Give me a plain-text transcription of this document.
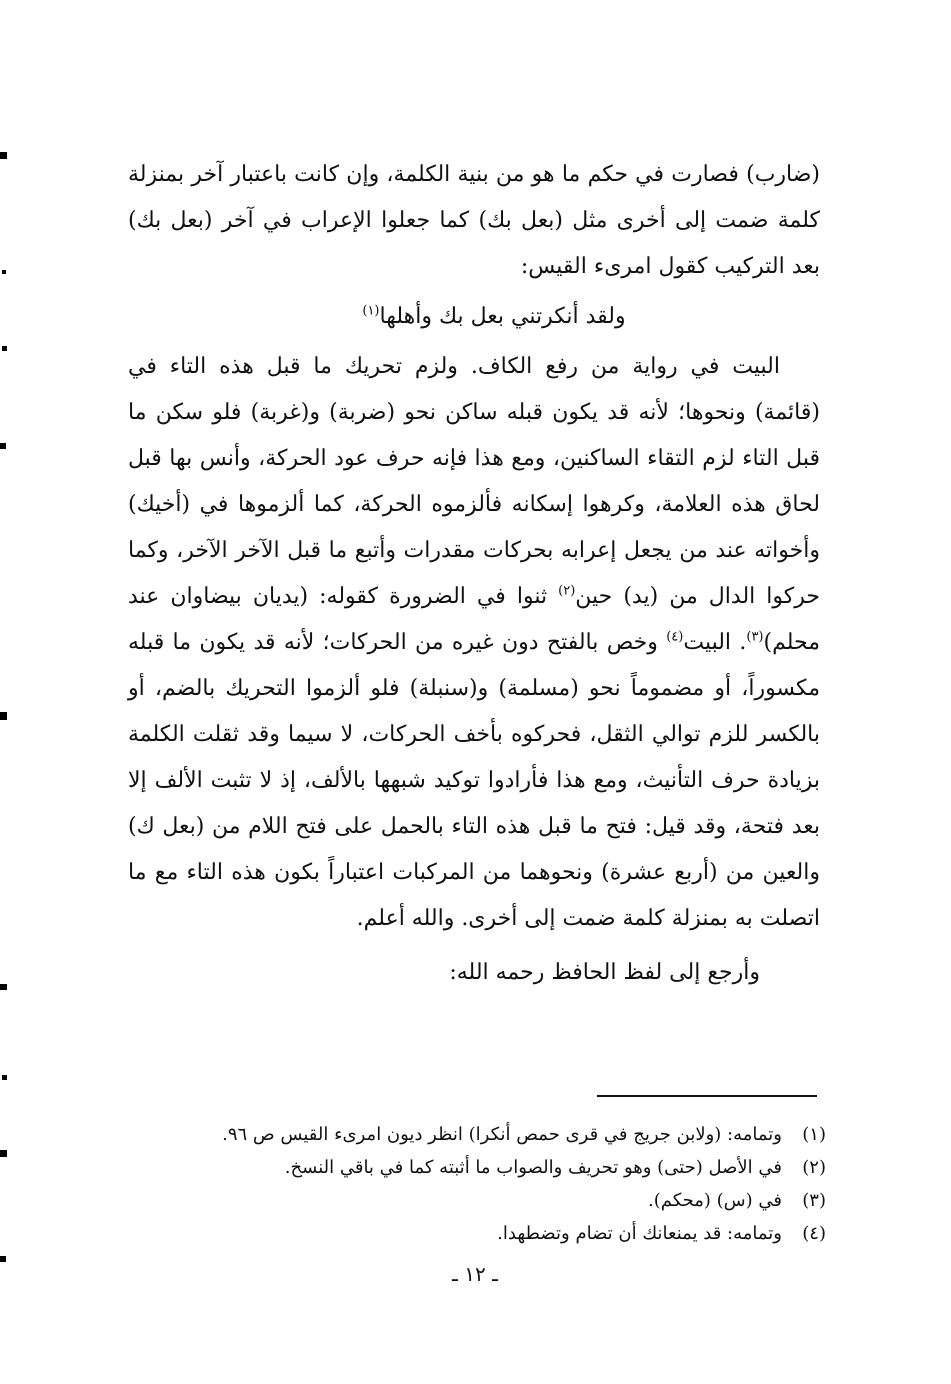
(ضارب) فصارت في حكم ما هو من بنية الكلمة، وإن كانت باعتبار آخر بمنزلة كلمة ضمت إلى أخرى مثل (بعل بك) كما جعلوا الإعراب في آخر (بعل بك) بعد التركيب كقول امرىء القيس:

ولقد أنكرتني بعل بك وأهلها$^{(١)}$

البيت في رواية من رفع الكاف. ولزم تحريك ما قبل هذه التاء في (قائمة) ونحوها؛ لأنه قد يكون قبله ساكن نحو (ضربة) و(غربة) فلو سكن ما قبل التاء لزم التقاء الساكنين، ومع هذا فإنه حرف عود الحركة، وأنس بها قبل لحاق هذه العلامة، وكرهوا إسكانه فألزموه الحركة، كما ألزموها في (أخيك) وأخواته عند من يجعل إعرابه بحركات مقدرات وأتبع ما قبل الآخر الآخر، وكما حركوا الدال من (يد) حين$^{(٢)}$ ثنوا في الضرورة كقوله: (يديان بيضاوان عند محلم)$^{(٣)}$. البيت$^{(٤)}$ وخص بالفتح دون غيره من الحركات؛ لأنه قد يكون ما قبله مكسوراً، أو مضموماً نحو (مسلمة) و(سنبلة) فلو ألزموا التحريك بالضم، أو بالكسر للزم توالي الثقل، فحركوه بأخف الحركات، لا سيما وقد ثقلت الكلمة بزيادة حرف التأنيث، ومع هذا فأرادوا توكيد شبهها بالألف، إذ لا تثبت الألف إلا بعد فتحة، وقد قيل: فتح ما قبل هذه التاء بالحمل على فتح اللام من (بعل ك) والعين من (أربع عشرة) ونحوهما من المركبات اعتباراً بكون هذه التاء مع ما اتصلت به بمنزلة كلمة ضمت إلى أخرى. والله أعلم.

وأرجع إلى لفظ الحافظ رحمه الله:

(١)
وتمامه: (ولابن جريج في قرى حمص أنكرا) انظر ديون امرىء القيس ص ٩٦.
(٢)
في الأصل (حتى) وهو تحريف والصواب ما أثبته كما في باقي النسخ.
(٣)
في (س) (محكم).
(٤)
وتمامه: قد يمنعانك أن تضام وتضطهدا.
ـ ١٢ ـ
